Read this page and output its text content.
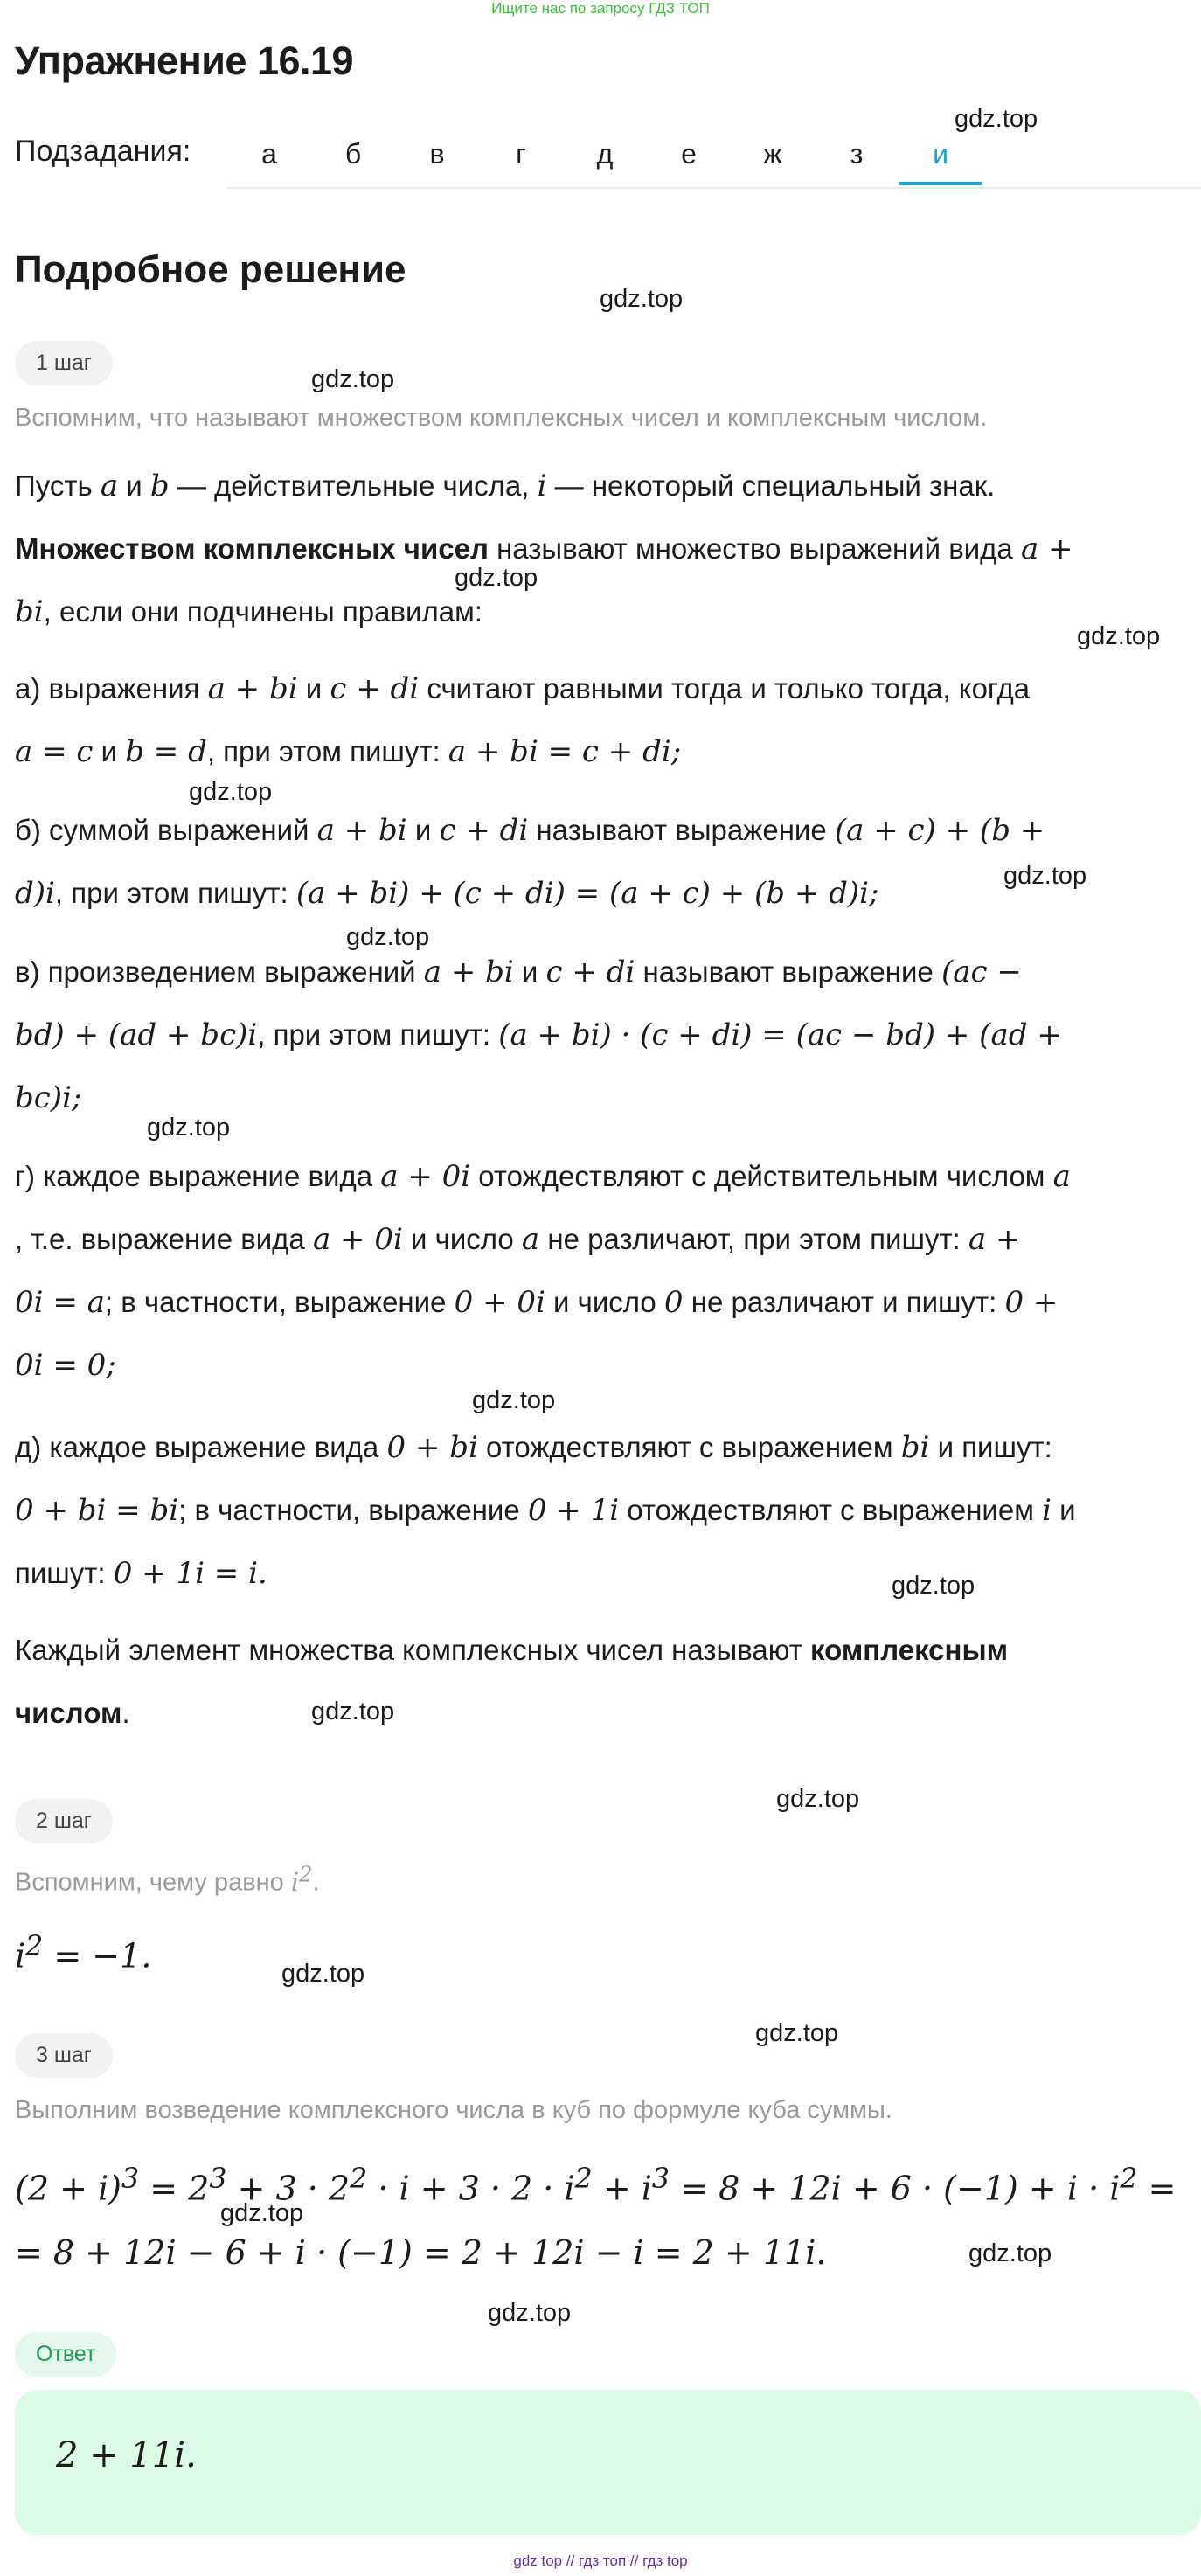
Ищите нас по запросу ГДЗ ТОП
Упражнение 16.19
Подзадания:	а	б	в	г	д	е	ж	з	и
Подробное решение
1 шаг
Вспомним, что называют множеством комплексных чисел и комплексным числом.
Пусть a и b — действительные числа, i — некоторый специальный знак.
Множеством комплексных чисел называют множество выражений вида a +
bi, если они подчинены правилам:
а) выражения a + bi и c + di считают равными тогда и только тогда, когда
a = c и b = d, при этом пишут: a + bi = c + di;
б) суммой выражений a + bi и c + di называют выражение (a + c) + (b +
d)i, при этом пишут: (a + bi) + (c + di) = (a + c) + (b + d)i;
в) произведением выражений a + bi и c + di называют выражение (ac −
bd) + (ad + bc)i, при этом пишут: (a + bi) · (c + di) = (ac − bd) + (ad +
bc)i;
г) каждое выражение вида a + 0i отождествляют с действительным числом a
, т.е. выражение вида a + 0i и число a не различают, при этом пишут: a +
0i = a; в частности, выражение 0 + 0i и число 0 не различают и пишут: 0 +
0i = 0;
д) каждое выражение вида 0 + bi отождествляют с выражением bi и пишут:
0 + bi = bi; в частности, выражение 0 + 1i отождествляют с выражением i и
пишут: 0 + 1i = i.
Каждый элемент множества комплексных чисел называют комплексным
числом.
2 шаг
Вспомним, чему равно $i^2$.
$i^2 = -1$.
3 шаг
Выполним возведение комплексного числа в куб по формуле куба суммы.
$(2 + i)^3 = 2^3 + 3 \cdot 2^2 \cdot i + 3 \cdot 2 \cdot i^2 + i^3 = 8 + 12i + 6 \cdot (-1) + i \cdot i^2$ =
= 8 + 12i − 6 + i · (−1) = 2 + 12i − i = 2 + 11i.
Ответ
2 + 11i.
gdz.top
gdz.top
gdz.top
gdz.top
gdz.top
gdz.top
gdz.top
gdz.top
gdz.top
gdz.top
gdz.top
gdz.top
gdz.top
gdz.top
gdz.top
gdz.top
gdz.top
gdz.top
gdz top // гдз топ // гдз top
